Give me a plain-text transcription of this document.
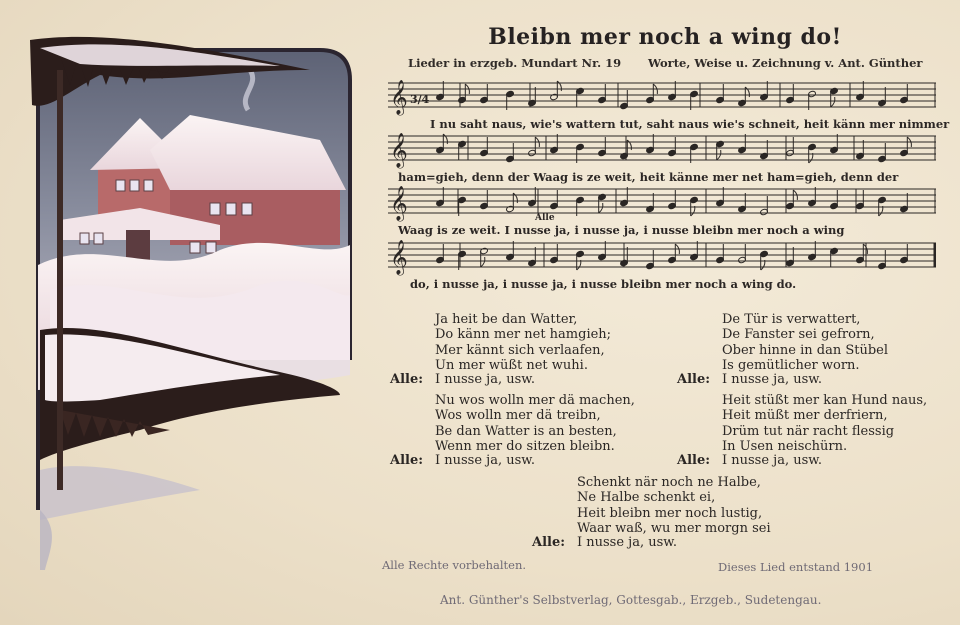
Bleibn mer noch a wing do!
Lieder in erzgeb. Mundart Nr. 19 Worte, Weise u. Zeichnung v. Ant. Günther
𝄞 3/4
𝄞
𝄞
𝄞
I nu saht naus, wie's wattern tut, saht naus wie's schneit, heit känn mer nimmer
ham=gieh, denn der Waag is ze weit, heit känne mer net ham=gieh, denn der
Waag is ze weit. I nusse ja, i nusse ja, i nusse bleibn mer noch a wing
do, i nusse ja, i nusse ja, i nusse bleibn mer noch a wing do.
Alle
Ja heit be dan Watter,
Do känn mer net hamgieh;
Mer kännt sich verlaafen,
Un mer wüßt net wuhi.
Alle: I nusse ja, usw.
De Tür is verwattert,
De Fanster sei gefrorn,
Ober hinne in dan Stübel
Is gemütlicher worn.
Alle: I nusse ja, usw.
Nu wos wolln mer dä machen,
Wos wolln mer dä treibn,
Be dan Watter is an besten,
Wenn mer do sitzen bleibn.
Alle: I nusse ja, usw.
Heit stüßt mer kan Hund naus,
Heit müßt mer derfriern,
Drüm tut när racht flessig
In Usen neischürn.
Alle: I nusse ja, usw.
Schenkt när noch ne Halbe,
Ne Halbe schenkt ei,
Heit bleibn mer noch lustig,
Waar waß, wu mer morgn sei
Alle: I nusse ja, usw.
Alle Rechte vorbehalten.	Dieses Lied entstand 1901
Ant. Günther's Selbstverlag, Gottesgab., Erzgeb., Sudetengau.
